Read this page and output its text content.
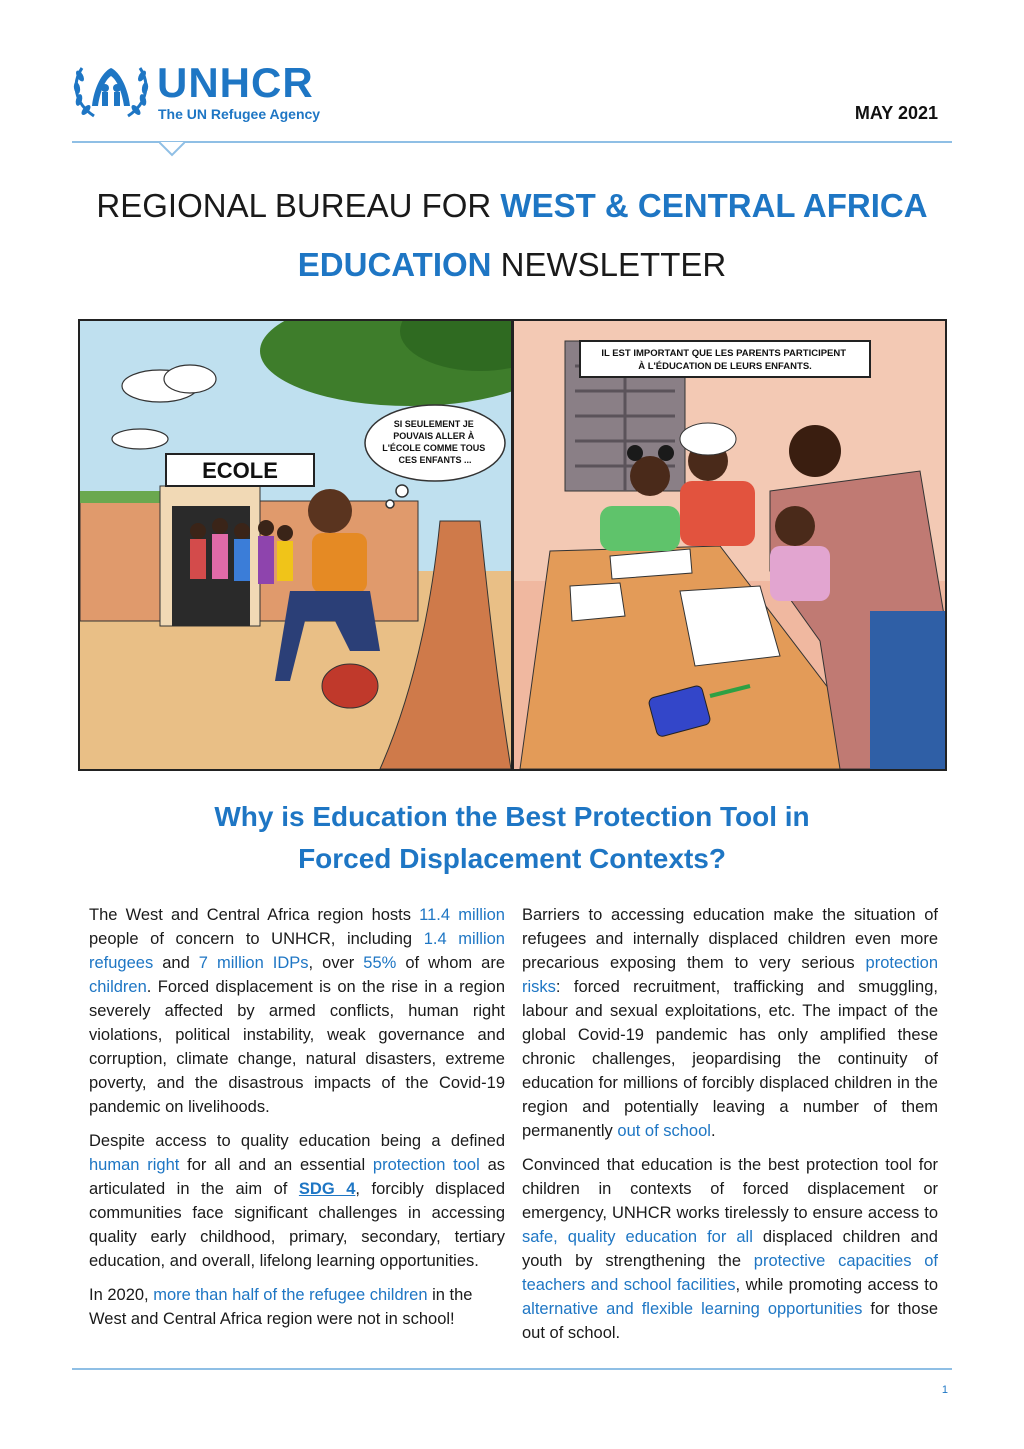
UNHCR
The UN Refugee Agency	MAY 2021
REGIONAL BUREAU FOR WEST & CENTRAL AFRICA
EDUCATION NEWSLETTER
ECOLE
SI SEULEMENT JE POUVAIS ALLER À L'ÉCOLE COMME TOUS CES ENFANTS ...
IL EST IMPORTANT QUE LES PARENTS PARTICIPENT À L'ÉDUCATION DE LEURS ENFANTS.
Why is Education the Best Protection Tool in
Forced Displacement Contexts?

The West and Central Africa region hosts 11.4 million people of concern to UNHCR, including 1.4 million refugees and 7 million IDPs, over 55% of whom are children. Forced displacement is on the rise in a region severely affected by armed conflicts, human right violations, political instability, weak governance and corruption, climate change, natural disasters, extreme poverty, and the disastrous impacts of the Covid-19 pandemic on livelihoods.

Despite access to quality education being a defined human right for all and an essential protection tool as articulated in the aim of SDG 4, forcibly displaced communities face significant challenges in accessing quality early childhood, primary, secondary, tertiary education, and overall, lifelong learning opportunities.

In 2020, more than half of the refugee children in the West and Central Africa region were not in school!

Barriers to accessing education make the situation of refugees and internally displaced children even more precarious exposing them to very serious protection risks: forced recruitment, trafficking and smuggling, labour and sexual exploitations, etc. The impact of the global Covid-19 pandemic has only amplified these chronic challenges, jeopardising the continuity of education for millions of forcibly displaced children in the region and potentially leaving a number of them permanently out of school.

Convinced that education is the best protection tool for children in contexts of forced displacement or emergency, UNHCR works tirelessly to ensure access to safe, quality education for all displaced children and youth by strengthening the protective capacities of teachers and school facilities, while promoting access to alternative and flexible learning opportunities for those out of school.

1
